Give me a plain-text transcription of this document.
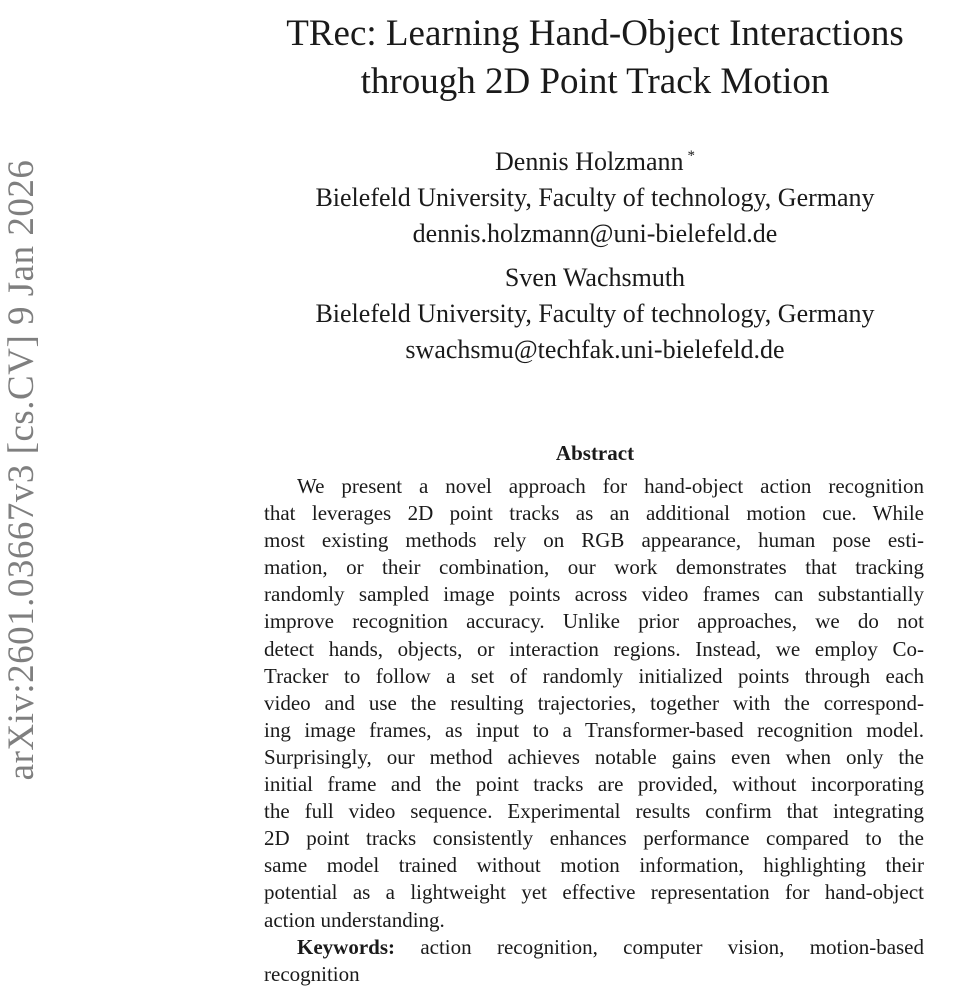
arXiv:2601.03667v3 [cs.CV] 9 Jan 2026
TRec: Learning Hand-Object Interactions
through 2D Point Track Motion
Dennis Holzmann *
Bielefeld University, Faculty of technology, Germany
dennis.holzmann@uni-bielefeld.de
Sven Wachsmuth
Bielefeld University, Faculty of technology, Germany
swachsmu@techfak.uni-bielefeld.de
Abstract
We present a novel approach for hand-object action recognition
that leverages 2D point tracks as an additional motion cue. While
most existing methods rely on RGB appearance, human pose esti-
mation, or their combination, our work demonstrates that tracking
randomly sampled image points across video frames can substantially
improve recognition accuracy. Unlike prior approaches, we do not
detect hands, objects, or interaction regions. Instead, we employ Co-
Tracker to follow a set of randomly initialized points through each
video and use the resulting trajectories, together with the correspond-
ing image frames, as input to a Transformer-based recognition model.
Surprisingly, our method achieves notable gains even when only the
initial frame and the point tracks are provided, without incorporating
the full video sequence. Experimental results confirm that integrating
2D point tracks consistently enhances performance compared to the
same model trained without motion information, highlighting their
potential as a lightweight yet effective representation for hand-object
action understanding.
Keywords: action recognition, computer vision, motion-based
recognition
